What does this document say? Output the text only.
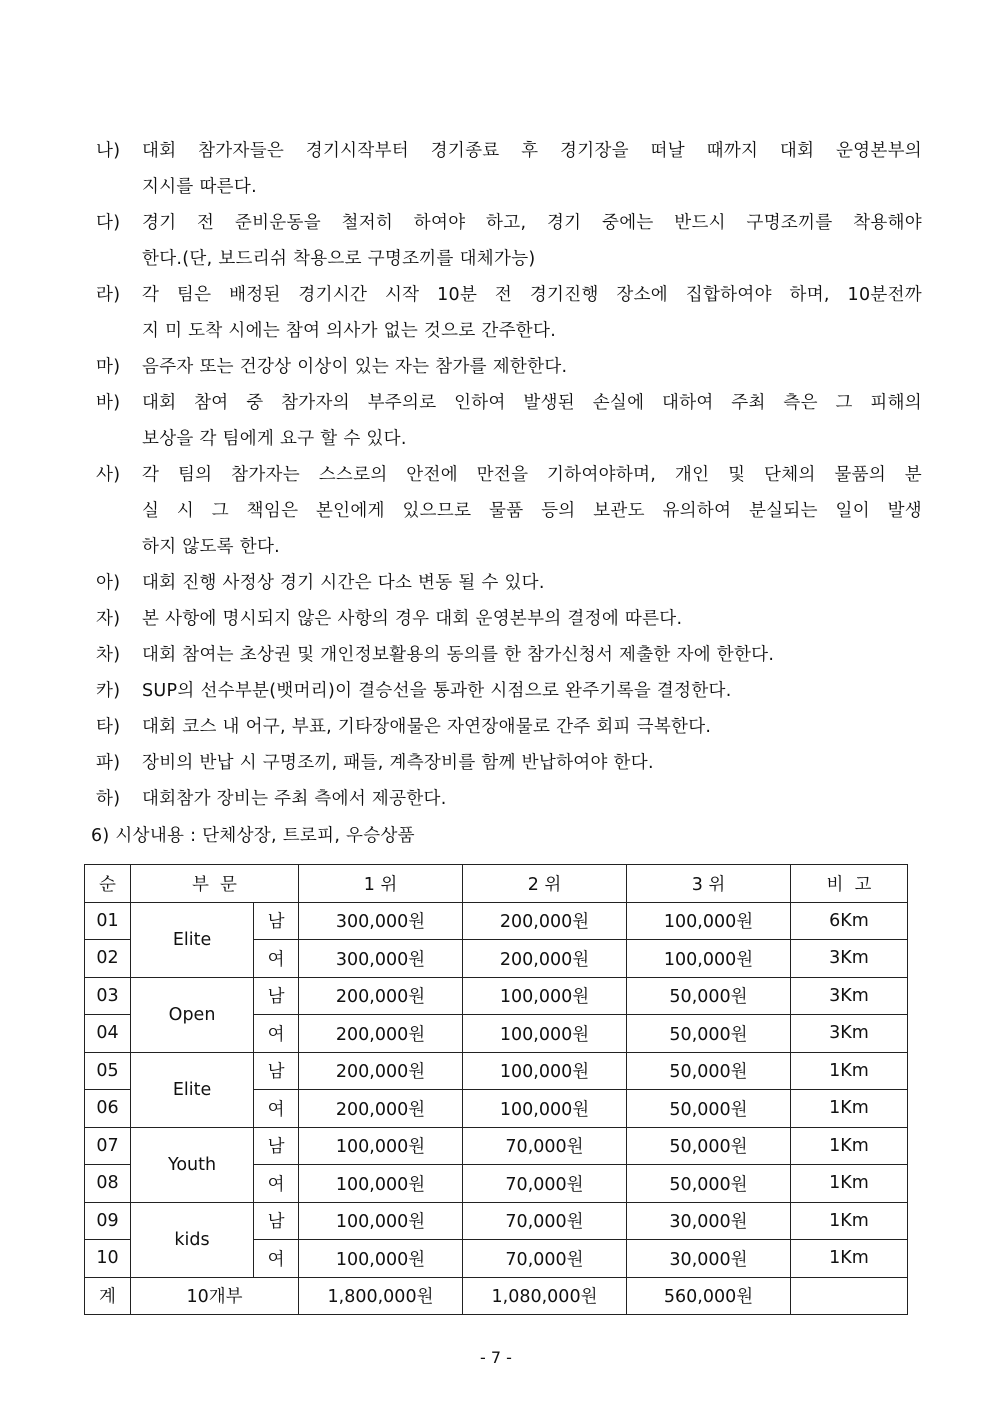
나)	대회 참가자들은 경기시작부터 경기종료 후 경기장을 떠날 때까지 대회 운영본부의
지시를 따른다.
다)	경기 전 준비운동을 철저히 하여야 하고, 경기 중에는 반드시 구명조끼를 착용해야
한다.(단, 보드리쉬 착용으로 구명조끼를 대체가능)
라)	각 팀은 배정된 경기시간 시작 10분 전 경기진행 장소에 집합하여야 하며, 10분전까
지 미 도착 시에는 참여 의사가 없는 것으로 간주한다.
마)	음주자 또는 건강상 이상이 있는 자는 참가를 제한한다.
바)	대회 참여 중 참가자의 부주의로 인하여 발생된 손실에 대하여 주최 측은 그 피해의
보상을 각 팀에게 요구 할 수 있다.
사)	각 팀의 참가자는 스스로의 안전에 만전을 기하여야하며, 개인 및 단체의 물품의 분
실 시 그 책임은 본인에게 있으므로 물품 등의 보관도 유의하여 분실되는 일이 발생
하지 않도록 한다.
아)	대회 진행 사정상 경기 시간은 다소 변동 될 수 있다.
자)	본 사항에 명시되지 않은 사항의 경우 대회 운영본부의 결정에 따른다.
차)	대회 참여는 초상권 및 개인정보활용의 동의를 한 참가신청서 제출한 자에 한한다.
카)	SUP의 선수부분(뱃머리)이 결승선을 통과한 시점으로 완주기록을 결정한다.
타)	대회 코스 내 어구, 부표, 기타장애물은 자연장애물로 간주 회피 극복한다.
파)	장비의 반납 시 구명조끼, 패들, 계측장비를 함께 반납하여야 한다.
하)	대회참가 장비는 주최 측에서 제공한다.
6) 시상내용 : 단체상장, 트로피, 우승상품
순	부  문		1 위	2 위	3 위	비  고
01	Elite	남	300,000원	200,000원	100,000원	6Km
02		여	300,000원	200,000원	100,000원	3Km
03	Open	남	200,000원	100,000원	50,000원	3Km
04		여	200,000원	100,000원	50,000원	3Km
05	Elite	남	200,000원	100,000원	50,000원	1Km
06		여	200,000원	100,000원	50,000원	1Km
07	Youth	남	100,000원	70,000원	50,000원	1Km
08		여	100,000원	70,000원	50,000원	1Km
09	kids	남	100,000원	70,000원	30,000원	1Km
10		여	100,000원	70,000원	30,000원	1Km
계	10개부		1,800,000원	1,080,000원	560,000원	
- 7 -
